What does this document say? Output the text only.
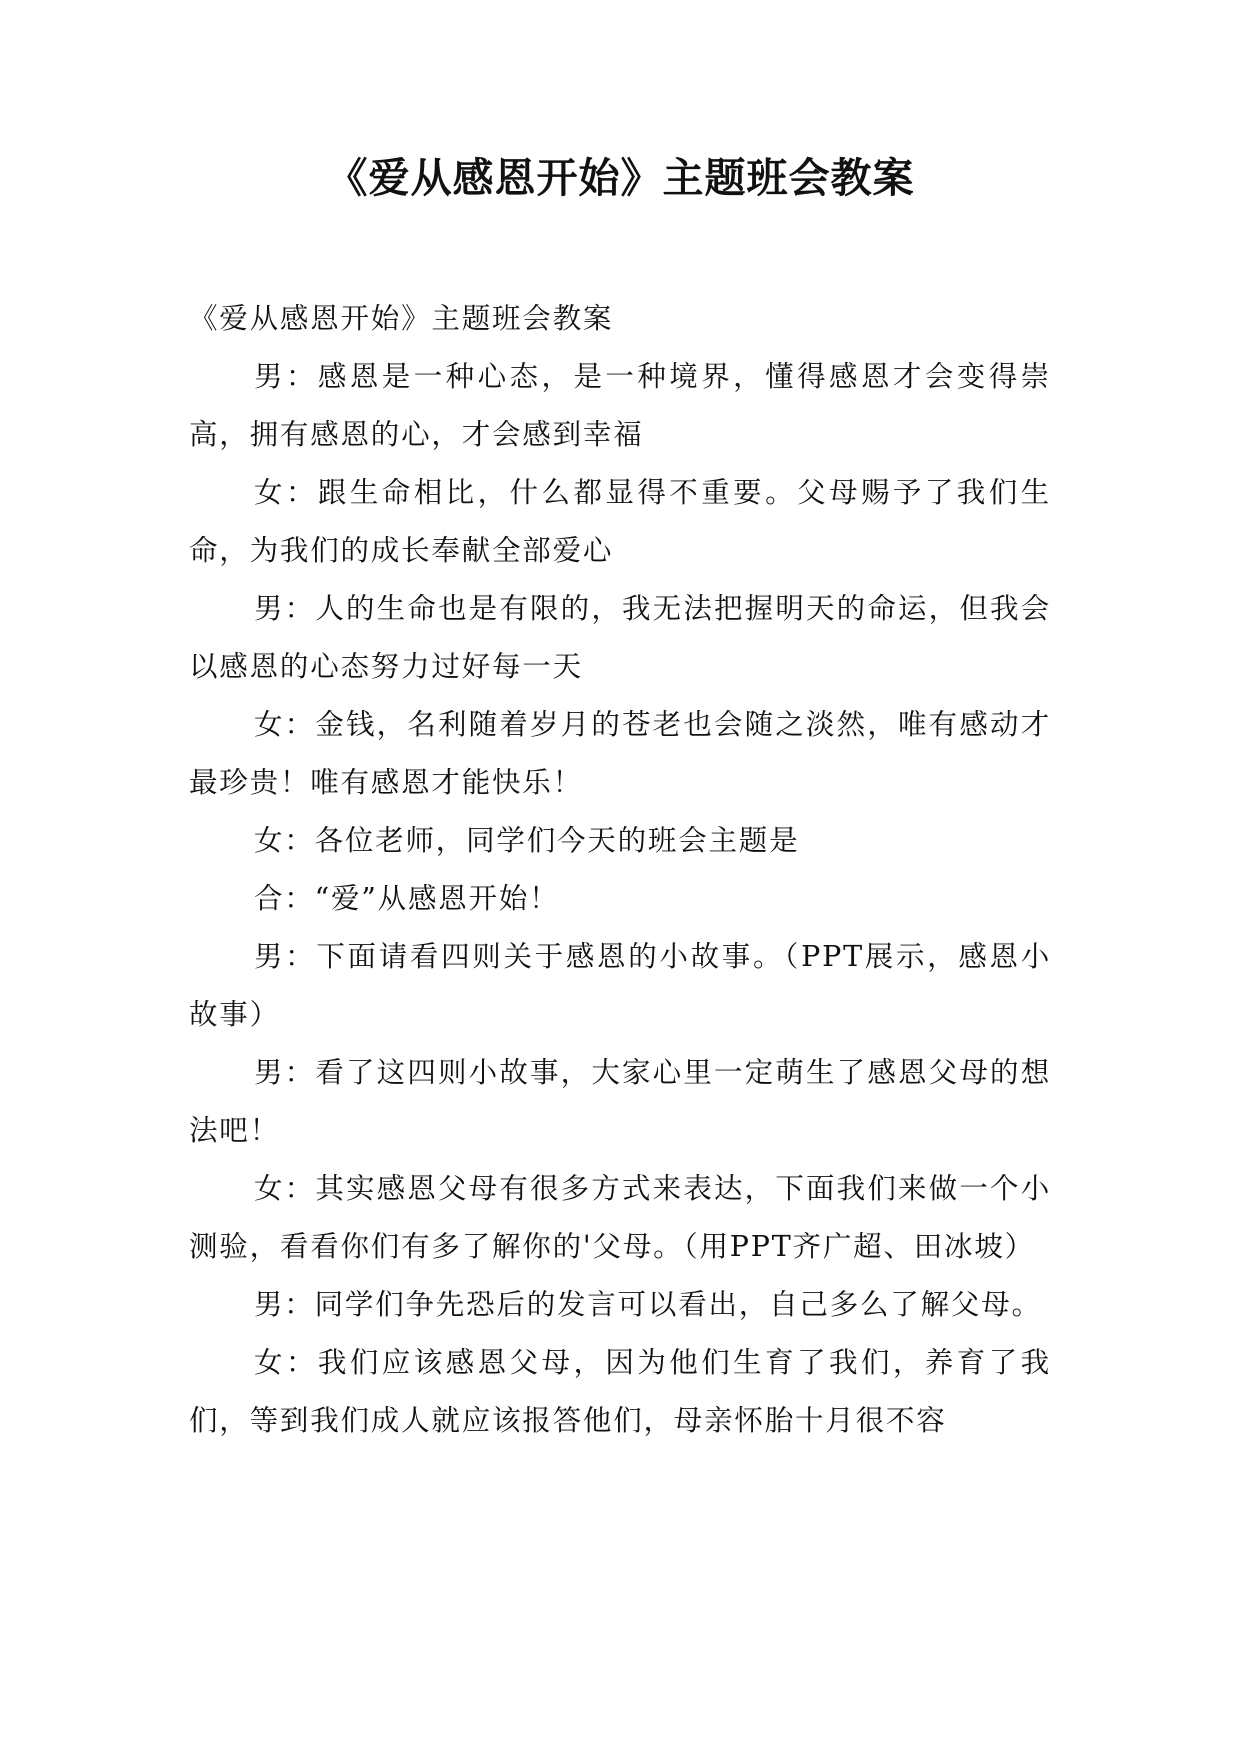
《爱从感恩开始》主题班会教案

《爱从感恩开始》主题班会教案

男：感恩是一种心态，是一种境界，懂得感恩才会变得崇高，拥有感恩的心，才会感到幸福

女：跟生命相比，什么都显得不重要。父母赐予了我们生命，为我们的成长奉献全部爱心

男：人的生命也是有限的，我无法把握明天的命运，但我会以感恩的心态努力过好每一天

女：金钱，名利随着岁月的苍老也会随之淡然，唯有感动才最珍贵！唯有感恩才能快乐！

女：各位老师，同学们今天的班会主题是

合：“爱”从感恩开始！

男：下面请看四则关于感恩的小故事。（PPT展示，感恩小故事）

男：看了这四则小故事，大家心里一定萌生了感恩父母的想法吧！

女：其实感恩父母有很多方式来表达，下面我们来做一个小测验，看看你们有多了解你的'父母。（用PPT齐广超、田冰坡）

男：同学们争先恐后的发言可以看出，自己多么了解父母。

女：我们应该感恩父母，因为他们生育了我们，养育了我们，等到我们成人就应该报答他们，母亲怀胎十月很不容
